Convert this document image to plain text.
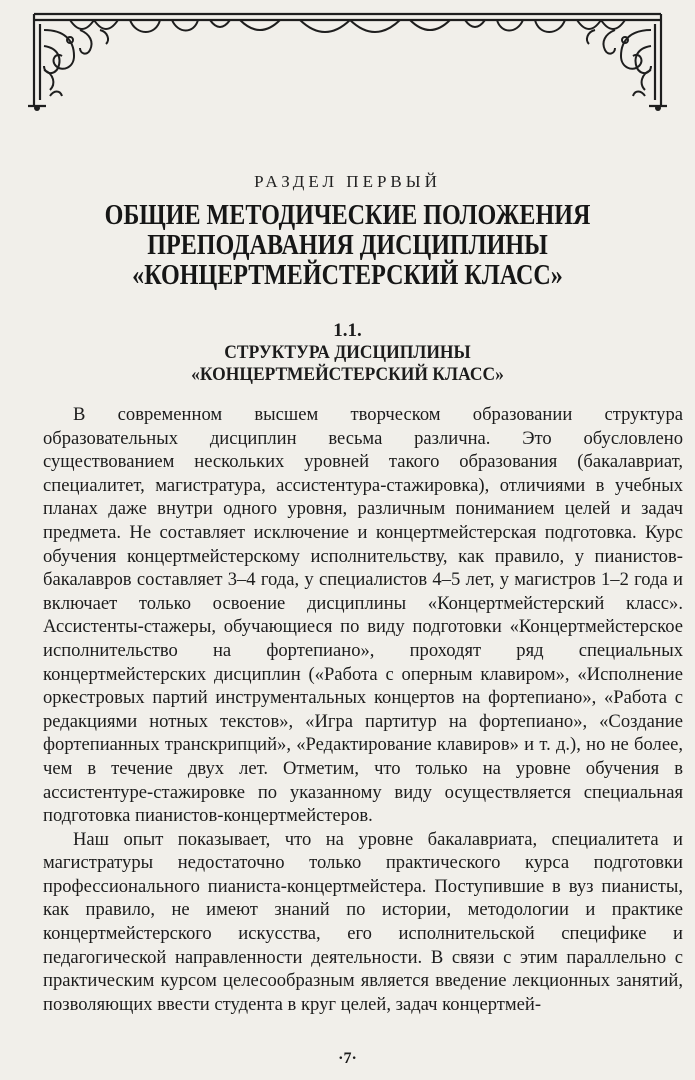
РАЗДЕЛ ПЕРВЫЙ
ОБЩИЕ МЕТОДИЧЕСКИЕ ПОЛОЖЕНИЯ
ПРЕПОДАВАНИЯ ДИСЦИПЛИНЫ
«КОНЦЕРТМЕЙСТЕРСКИЙ КЛАСС»
1.1.
СТРУКТУРА ДИСЦИПЛИНЫ
«КОНЦЕРТМЕЙСТЕРСКИЙ КЛАСС»

В современном высшем творческом образовании структура образовательных дисциплин весьма различна. Это обусловлено существованием нескольких уровней такого образования (бакалавриат, специалитет, магистратура, ассистентура-стажировка), отличиями в учебных планах даже внутри одного уровня, различным пониманием целей и задач предмета. Не составляет исключение и концертмейстерская подготовка. Курс обучения концертмейстерскому исполнительству, как правило, у пианистов-бакалавров составляет 3–4 года, у специалистов 4–5 лет, у магистров 1–2 года и включает только освоение дисциплины «Концертмейстерский класс». Ассистенты-стажеры, обучающиеся по виду подготовки «Концертмейстерское исполнительство на фортепиано», проходят ряд специальных концертмейстерских дисциплин («Работа с оперным клавиром», «Исполнение оркестровых партий инструментальных концертов на фортепиано», «Работа с редакциями нотных текстов», «Игра партитур на фортепиано», «Создание фортепианных транскрипций», «Редактирование клавиров» и т. д.), но не более, чем в течение двух лет. Отметим, что только на уровне обучения в ассистентуре-стажировке по указанному виду осуществляется специальная подготовка пианистов-концертмейстеров.

Наш опыт показывает, что на уровне бакалавриата, специалитета и магистратуры недостаточно только практического курса подготовки профессионального пианиста-концертмейстера. Поступившие в вуз пианисты, как правило, не имеют знаний по истории, методологии и практике концертмейстерского искусства, его исполнительской специфике и педагогической направленности деятельности. В связи с этим параллельно с практическим курсом целесообразным является введение лекционных занятий, позволяющих ввести студента в круг целей, задач концертмей-

·7·
